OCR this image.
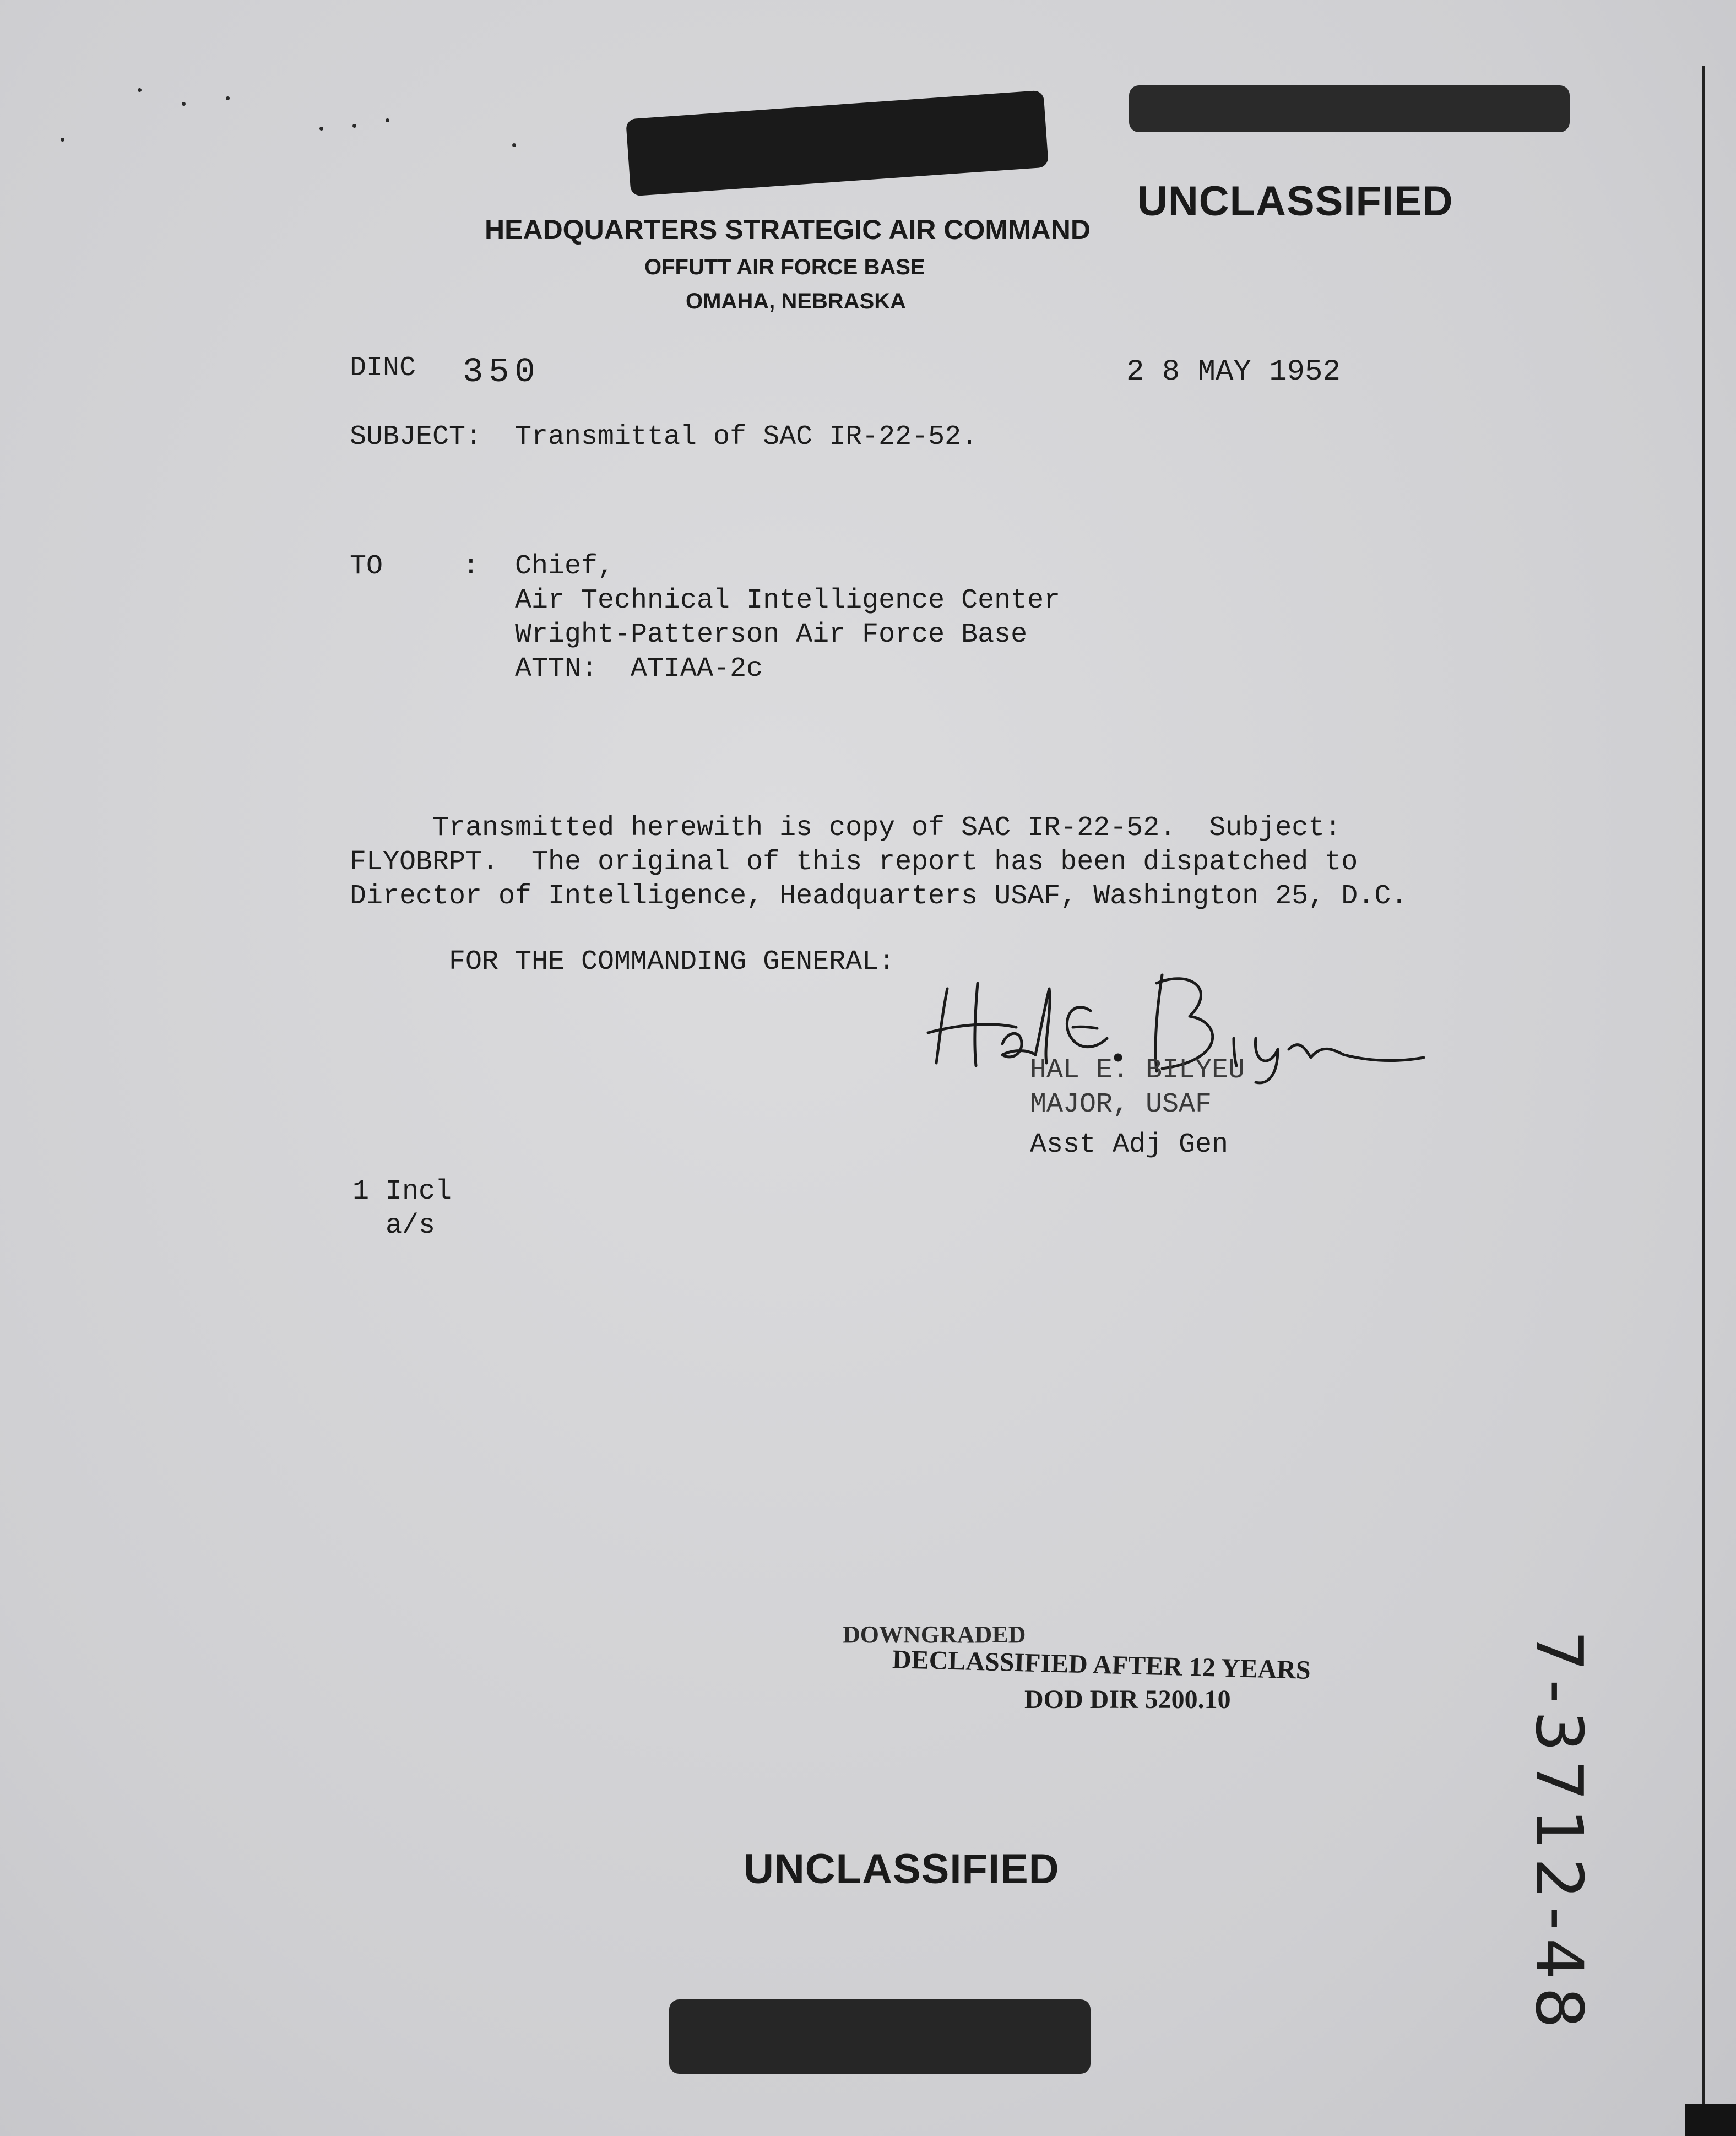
HEADQUARTERS STRATEGIC AIR COMMAND
OFFUTT AIR FORCE BASE
OMAHA, NEBRASKA
UNCLASSIFIED
DINC 350	2 8 MAY 1952
SUBJECT: Transmittal of SAC IR-22-52.
TO	: Chief,
Air Technical Intelligence Center
Wright-Patterson Air Force Base
ATTN:  ATIAA-2c
Transmitted herewith is copy of SAC IR-22-52.  Subject:
FLYOBRPT.  The original of this report has been dispatched to
Director of Intelligence, Headquarters USAF, Washington 25, D.C.
FOR THE COMMANDING GENERAL:
HAL E. BILYEU
MAJOR, USAF
Asst Adj Gen
1 Incl
a/s
DOWNGRADED
DECLASSIFIED AFTER 12 YEARS
DOD DIR 5200.10
UNCLASSIFIED	7-3712-48
